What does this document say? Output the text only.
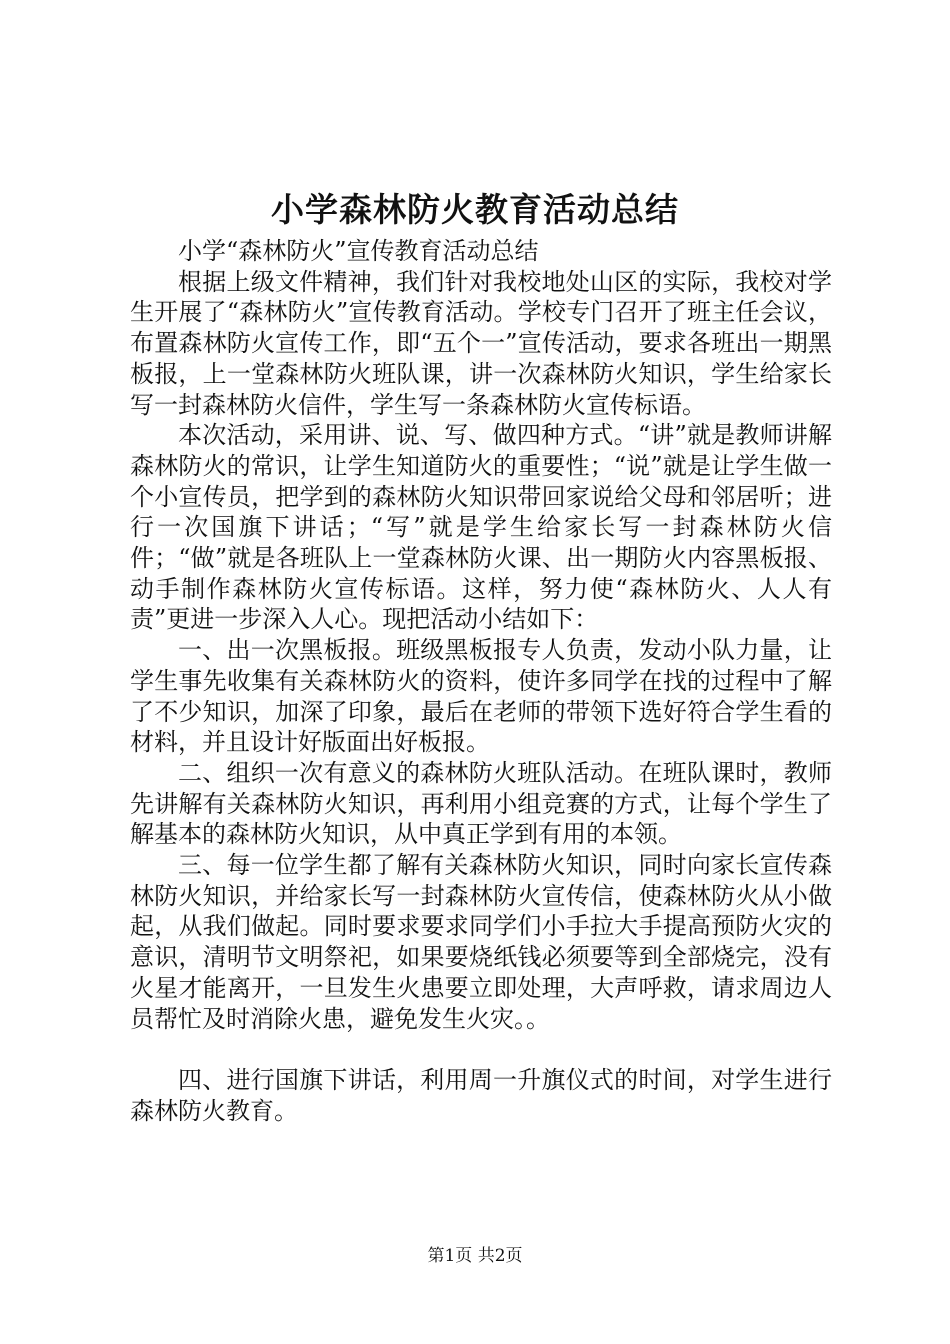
小学森林防火教育活动总结

小学“森林防火”宣传教育活动总结

根据上级文件精神，我们针对我校地处山区的实际，我校对学生开展了“森林防火”宣传教育活动。学校专门召开了班主任会议，布置森林防火宣传工作，即“五个一”宣传活动，要求各班出一期黑板报，上一堂森林防火班队课，讲一次森林防火知识，学生给家长写一封森林防火信件，学生写一条森林防火宣传标语。

本次活动，采用讲、说、写、做四种方式。“讲”就是教师讲解森林防火的常识，让学生知道防火的重要性；“说”就是让学生做一个小宣传员，把学到的森林防火知识带回家说给父母和邻居听；进行一次国旗下讲话；“写”就是学生给家长写一封森林防火信件；“做”就是各班队上一堂森林防火课、出一期防火内容黑板报、动手制作森林防火宣传标语。这样，努力使“森林防火、人人有责”更进一步深入人心。现把活动小结如下：

一、出一次黑板报。班级黑板报专人负责，发动小队力量，让学生事先收集有关森林防火的资料，使许多同学在找的过程中了解了不少知识，加深了印象，最后在老师的带领下选好符合学生看的材料，并且设计好版面出好板报。

二、组织一次有意义的森林防火班队活动。在班队课时，教师先讲解有关森林防火知识，再利用小组竞赛的方式，让每个学生了解基本的森林防火知识，从中真正学到有用的本领。

三、每一位学生都了解有关森林防火知识，同时向家长宣传森林防火知识，并给家长写一封森林防火宣传信，使森林防火从小做起，从我们做起。同时要求要求同学们小手拉大手提高预防火灾的意识，清明节文明祭祀，如果要烧纸钱必须要等到全部烧完，没有火星才能离开，一旦发生火患要立即处理，大声呼救，请求周边人员帮忙及时消除火患，避免发生火灾。。

四、进行国旗下讲话，利用周一升旗仪式的时间，对学生进行森林防火教育。

第1页 共2页
